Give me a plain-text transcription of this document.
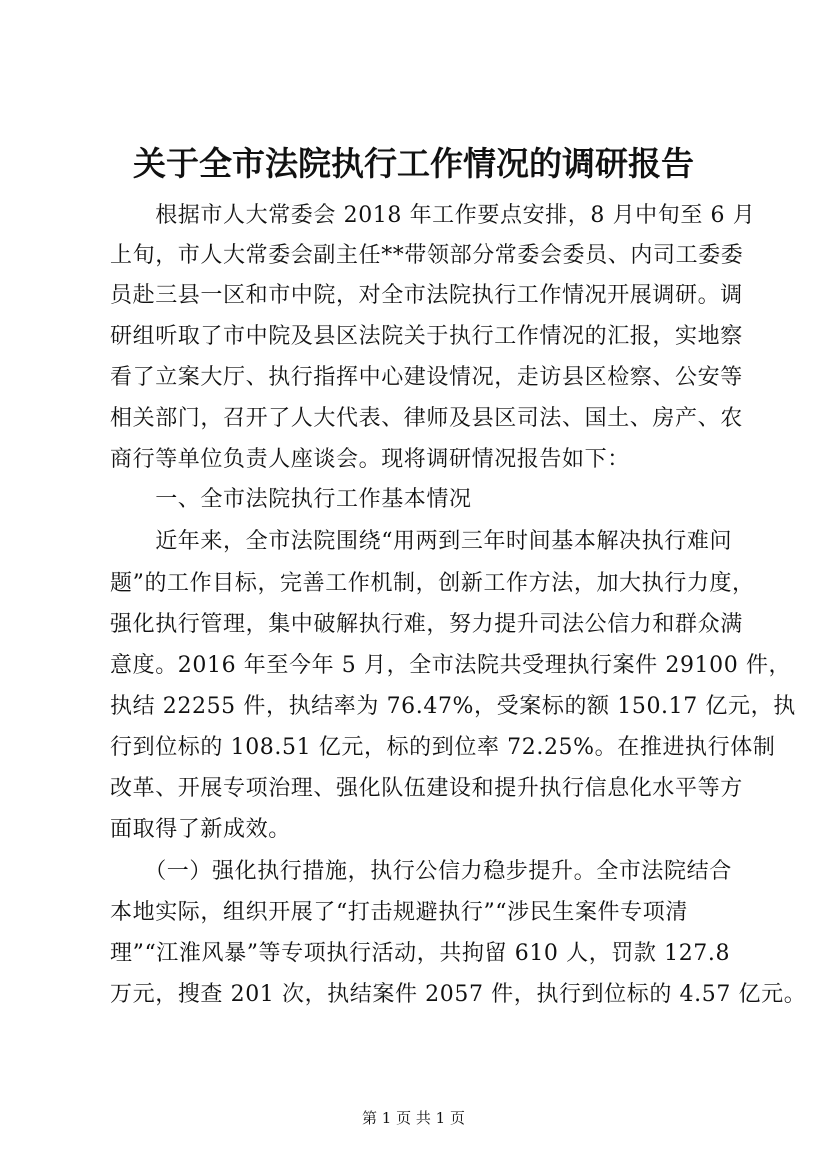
关于全市法院执行工作情况的调研报告
　　根据市人大常委会 2018 年工作要点安排，8 月中旬至 6 月
上旬，市人大常委会副主任**带领部分常委会委员、内司工委委
员赴三县一区和市中院，对全市法院执行工作情况开展调研。调
研组听取了市中院及县区法院关于执行工作情况的汇报，实地察
看了立案大厅、执行指挥中心建设情况，走访县区检察、公安等
相关部门，召开了人大代表、律师及县区司法、国土、房产、农
商行等单位负责人座谈会。现将调研情况报告如下：
　　一、全市法院执行工作基本情况
　　近年来，全市法院围绕“用两到三年时间基本解决执行难问
题”的工作目标，完善工作机制，创新工作方法，加大执行力度，
强化执行管理，集中破解执行难，努力提升司法公信力和群众满
意度。2016 年至今年 5 月，全市法院共受理执行案件 29100 件，
执结 22255 件，执结率为 76.47%，受案标的额 150.17 亿元，执
行到位标的 108.51 亿元，标的到位率 72.25%。在推进执行体制
改革、开展专项治理、强化队伍建设和提升执行信息化水平等方
面取得了新成效。
　　（一）强化执行措施，执行公信力稳步提升。全市法院结合
本地实际，组织开展了“打击规避执行”“涉民生案件专项清
理”“江淮风暴”等专项执行活动，共拘留 610 人，罚款 127.8
万元，搜查 201 次，执结案件 2057 件，执行到位标的 4.57 亿元。
第 1 页 共 1 页
